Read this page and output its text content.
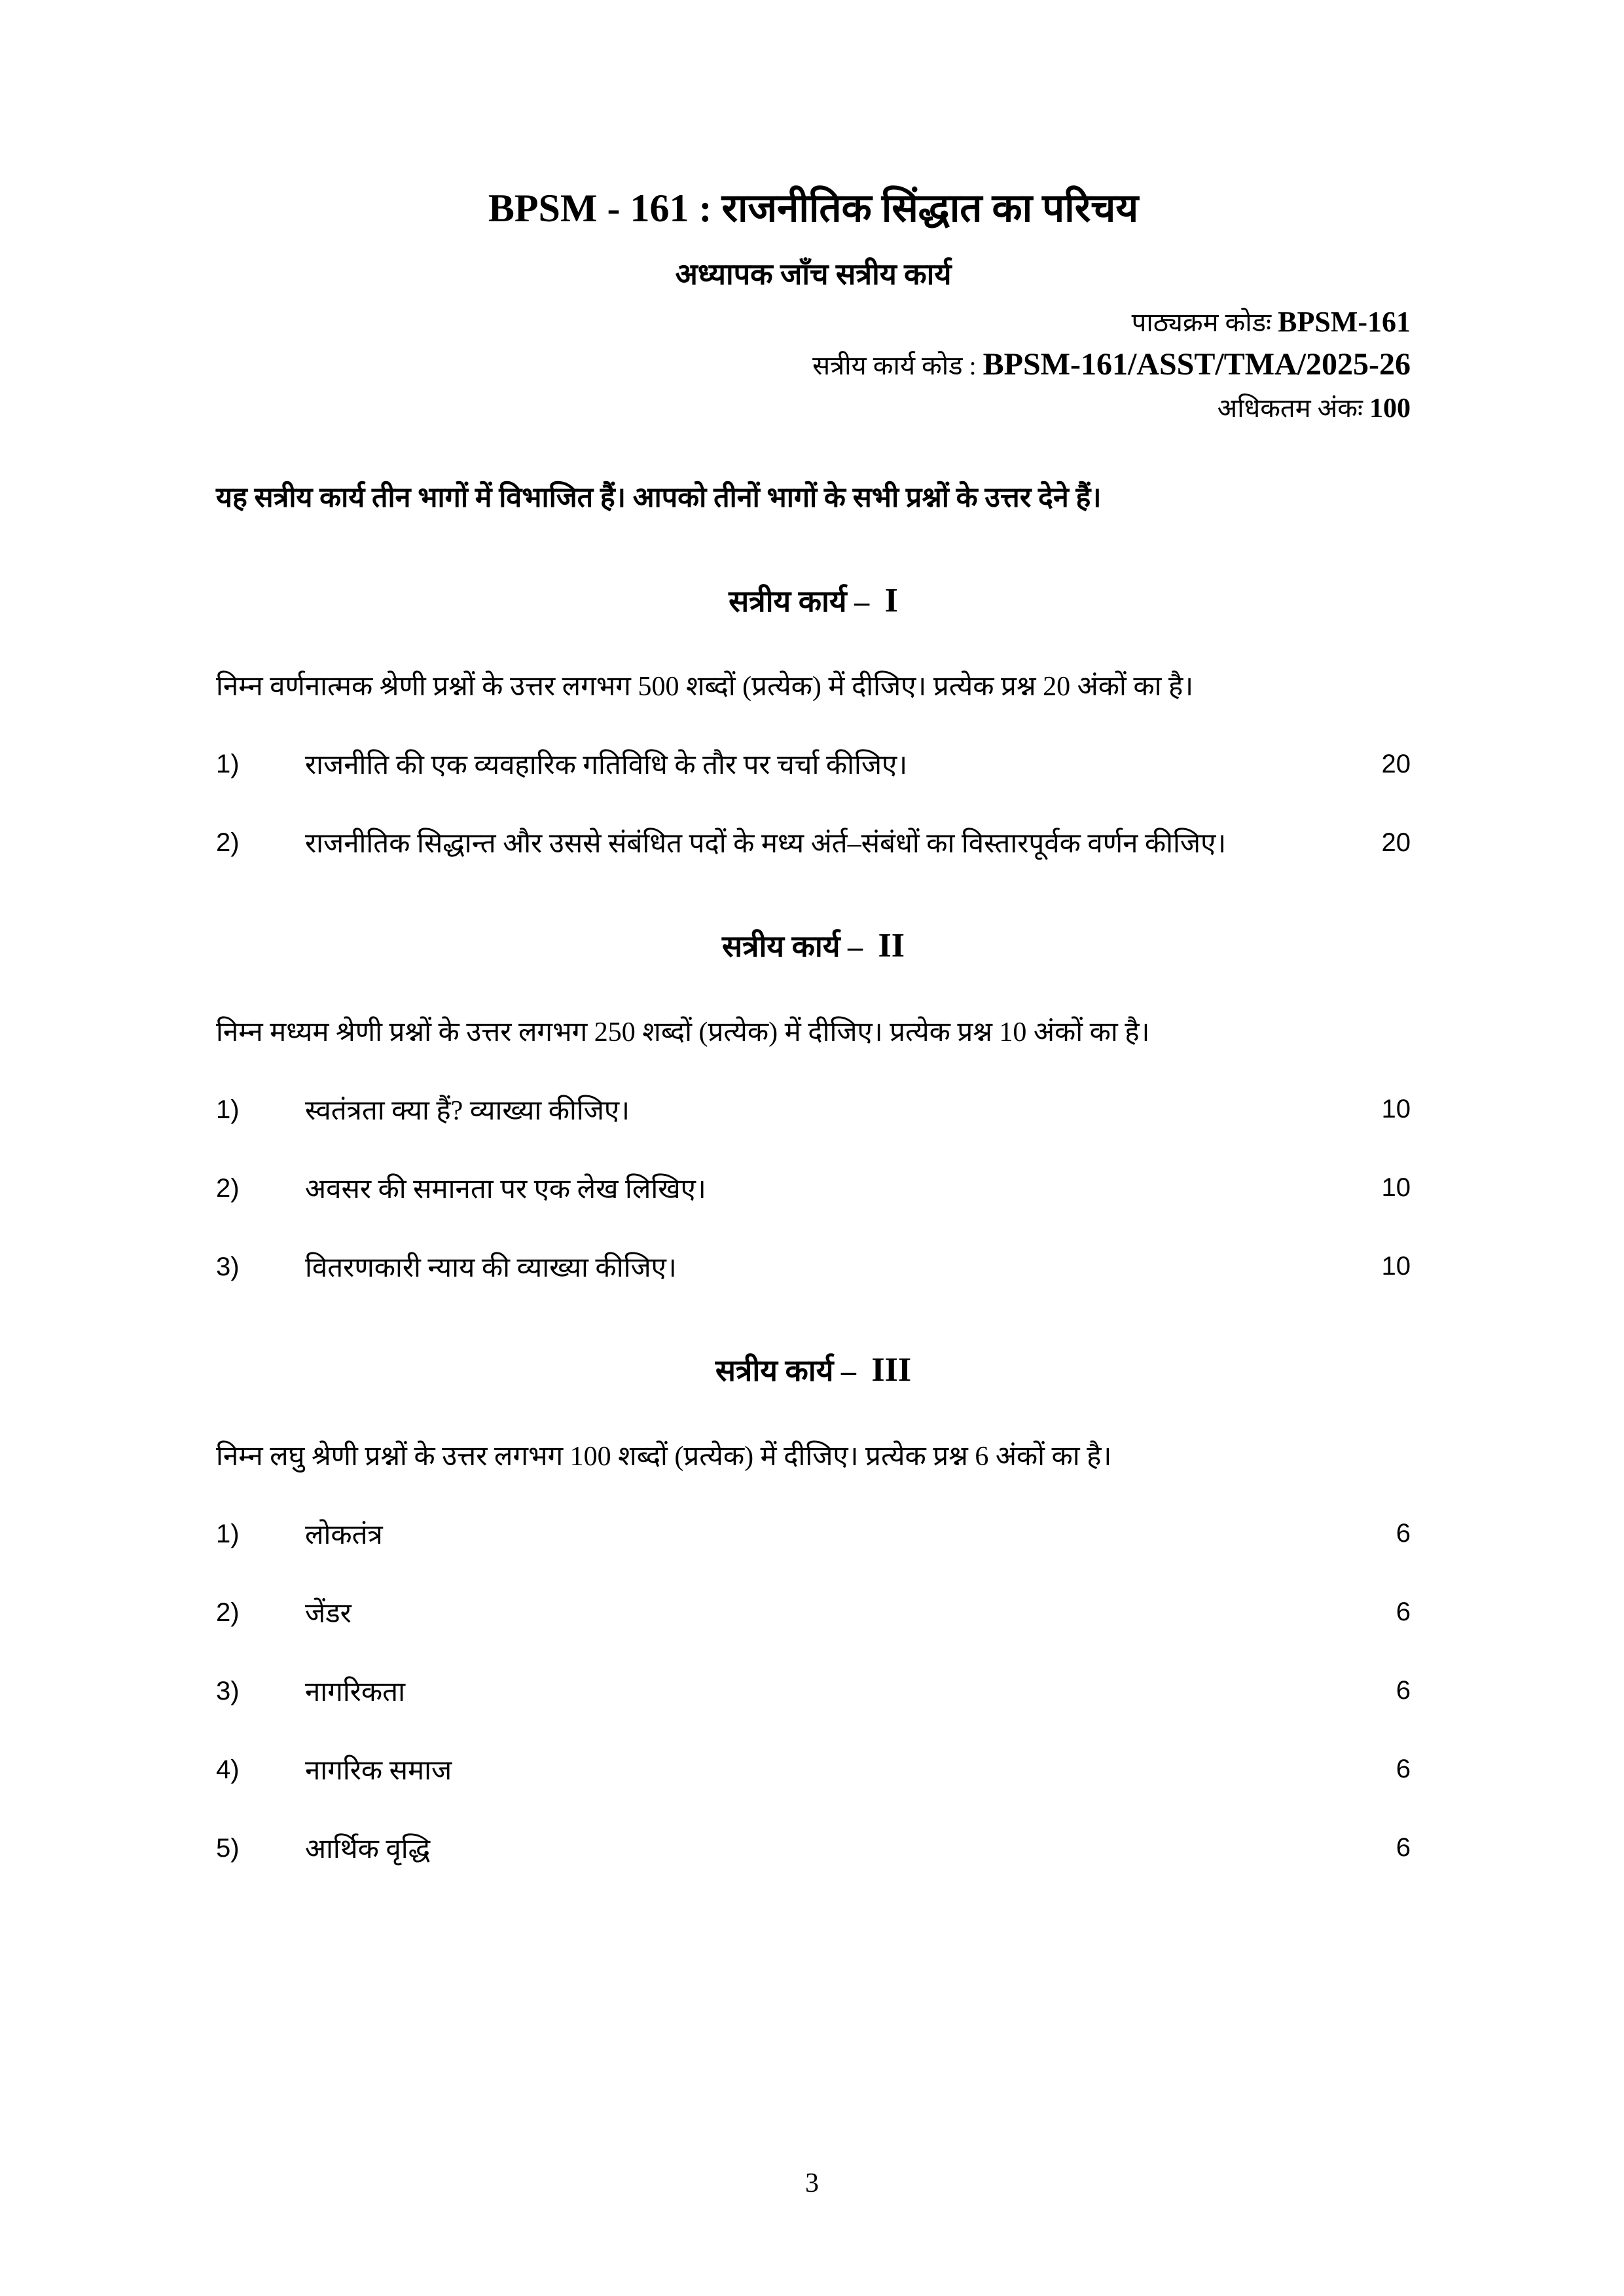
BPSM - 161 : राजनीतिक सिंद्धात का परिचय
अध्यापक जाँच सत्रीय कार्य
पाठ्यक्रम कोडः BPSM-161
सत्रीय कार्य कोड : BPSM-161/ASST/TMA/2025-26
अधिकतम अंकः 100

यह सत्रीय कार्य तीन भागों में विभाजित हैं। आपको तीनों भागों के सभी प्रश्नों के उत्तर देने हैं।

सत्रीय कार्य – I

निम्न वर्णनात्मक श्रेणी प्रश्नों के उत्तर लगभग 500 शब्दों (प्रत्येक) में दीजिए। प्रत्येक प्रश्न 20 अंकों का है।

1)	राजनीति की एक व्यवहारिक गतिविधि के तौर पर चर्चा कीजिए।	20
2)	राजनीतिक सिद्धान्त और उससे संबंधित पदों के मध्य अंर्त–संबंधों का विस्तारपूर्वक वर्णन कीजिए।	20
सत्रीय कार्य – II

निम्न मध्यम श्रेणी प्रश्नों के उत्तर लगभग 250 शब्दों (प्रत्येक) में दीजिए। प्रत्येक प्रश्न 10 अंकों का है।

1)	स्वतंत्रता क्या हैं? व्याख्या कीजिए।	10
2)	अवसर की समानता पर एक लेख लिखिए।	10
3)	वितरणकारी न्याय की व्याख्या कीजिए।	10
सत्रीय कार्य – III

निम्न लघु श्रेणी प्रश्नों के उत्तर लगभग 100 शब्दों (प्रत्येक) में दीजिए। प्रत्येक प्रश्न 6 अंकों का है।

1)	लोकतंत्र	6
2)	जेंडर	6
3)	नागरिकता	6
4)	नागरिक समाज	6
5)	आर्थिक वृद्धि	6
3
